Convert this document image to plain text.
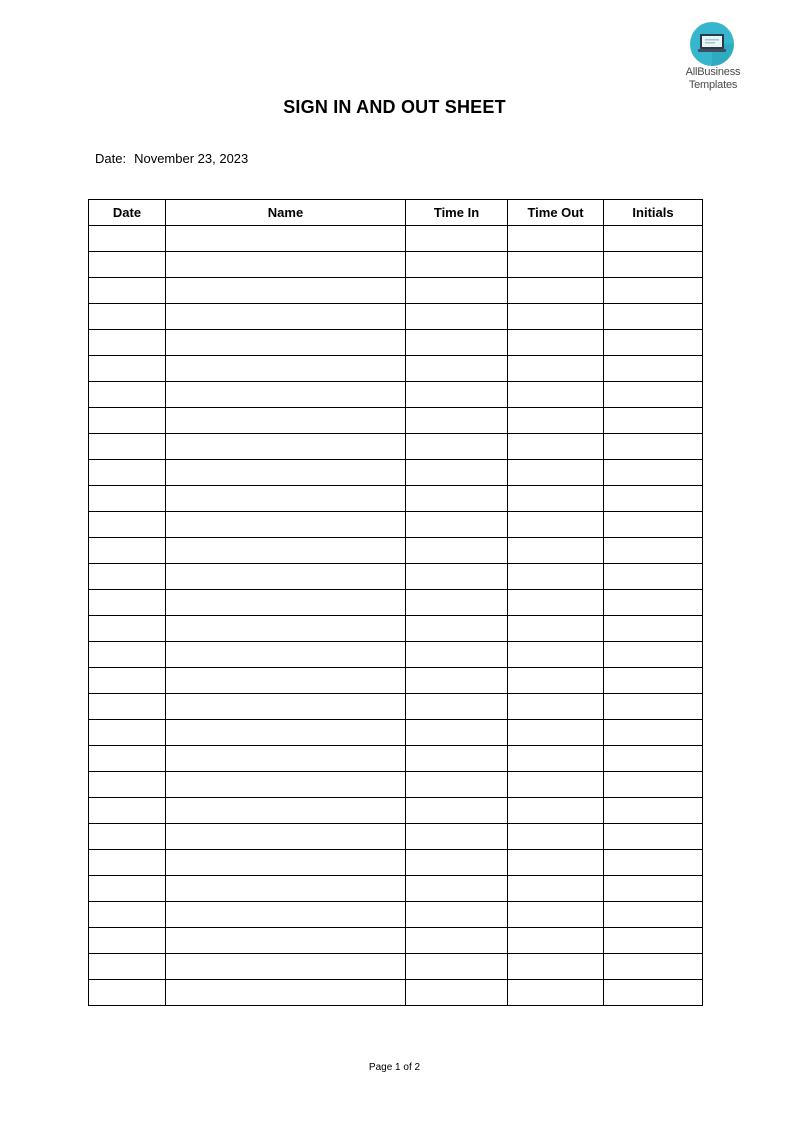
AllBusiness
Templates
SIGN IN AND OUT SHEET
Date: November 23, 2023
Date	Name	Time In	Time Out	Initials

Page 1 of 2
